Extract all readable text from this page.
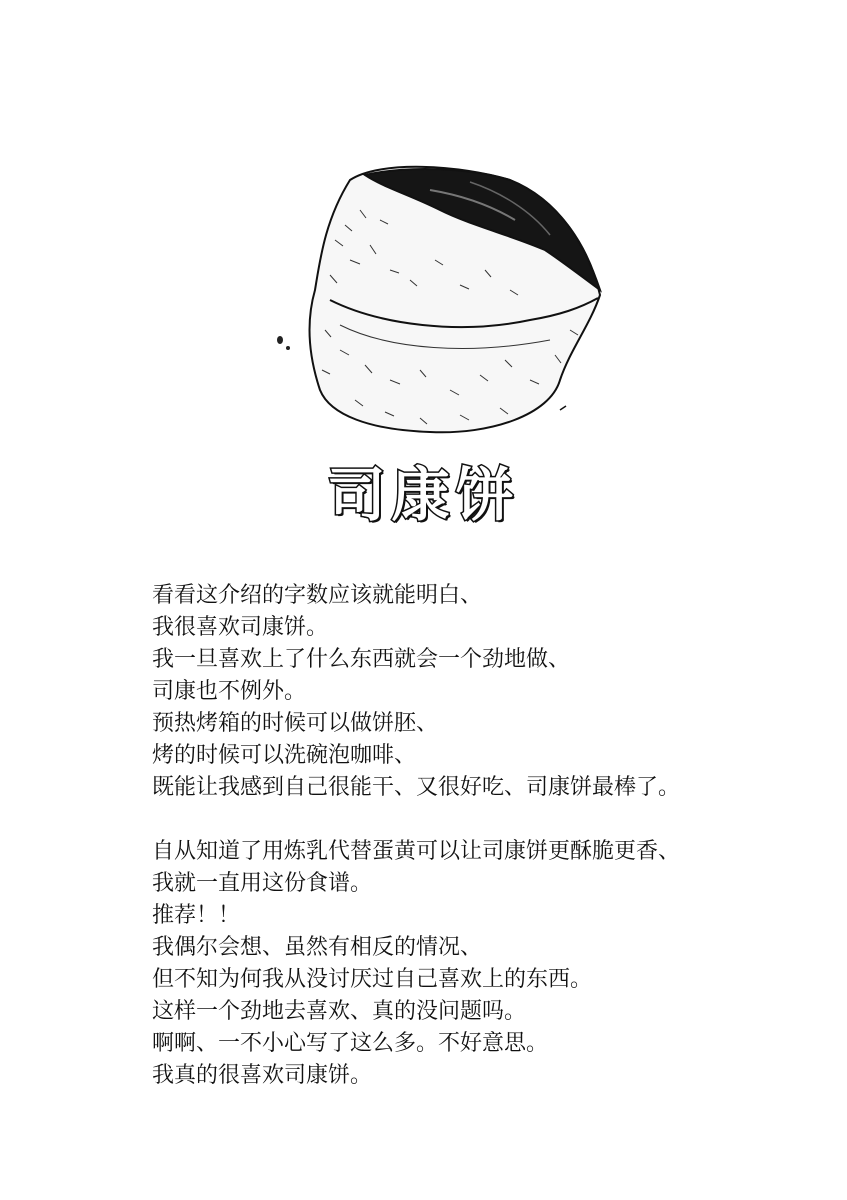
司康饼

看看这介绍的字数应该就能明白、
我很喜欢司康饼。
我一旦喜欢上了什么东西就会一个劲地做、
司康也不例外。
预热烤箱的时候可以做饼胚、
烤的时候可以洗碗泡咖啡、
既能让我感到自己很能干、又很好吃、司康饼最棒了。

自从知道了用炼乳代替蛋黄可以让司康饼更酥脆更香、
我就一直用这份食谱。
推荐！！
我偶尔会想、虽然有相反的情况、
但不知为何我从没讨厌过自己喜欢上的东西。
这样一个劲地去喜欢、真的没问题吗。
啊啊、一不小心写了这么多。不好意思。
我真的很喜欢司康饼。
